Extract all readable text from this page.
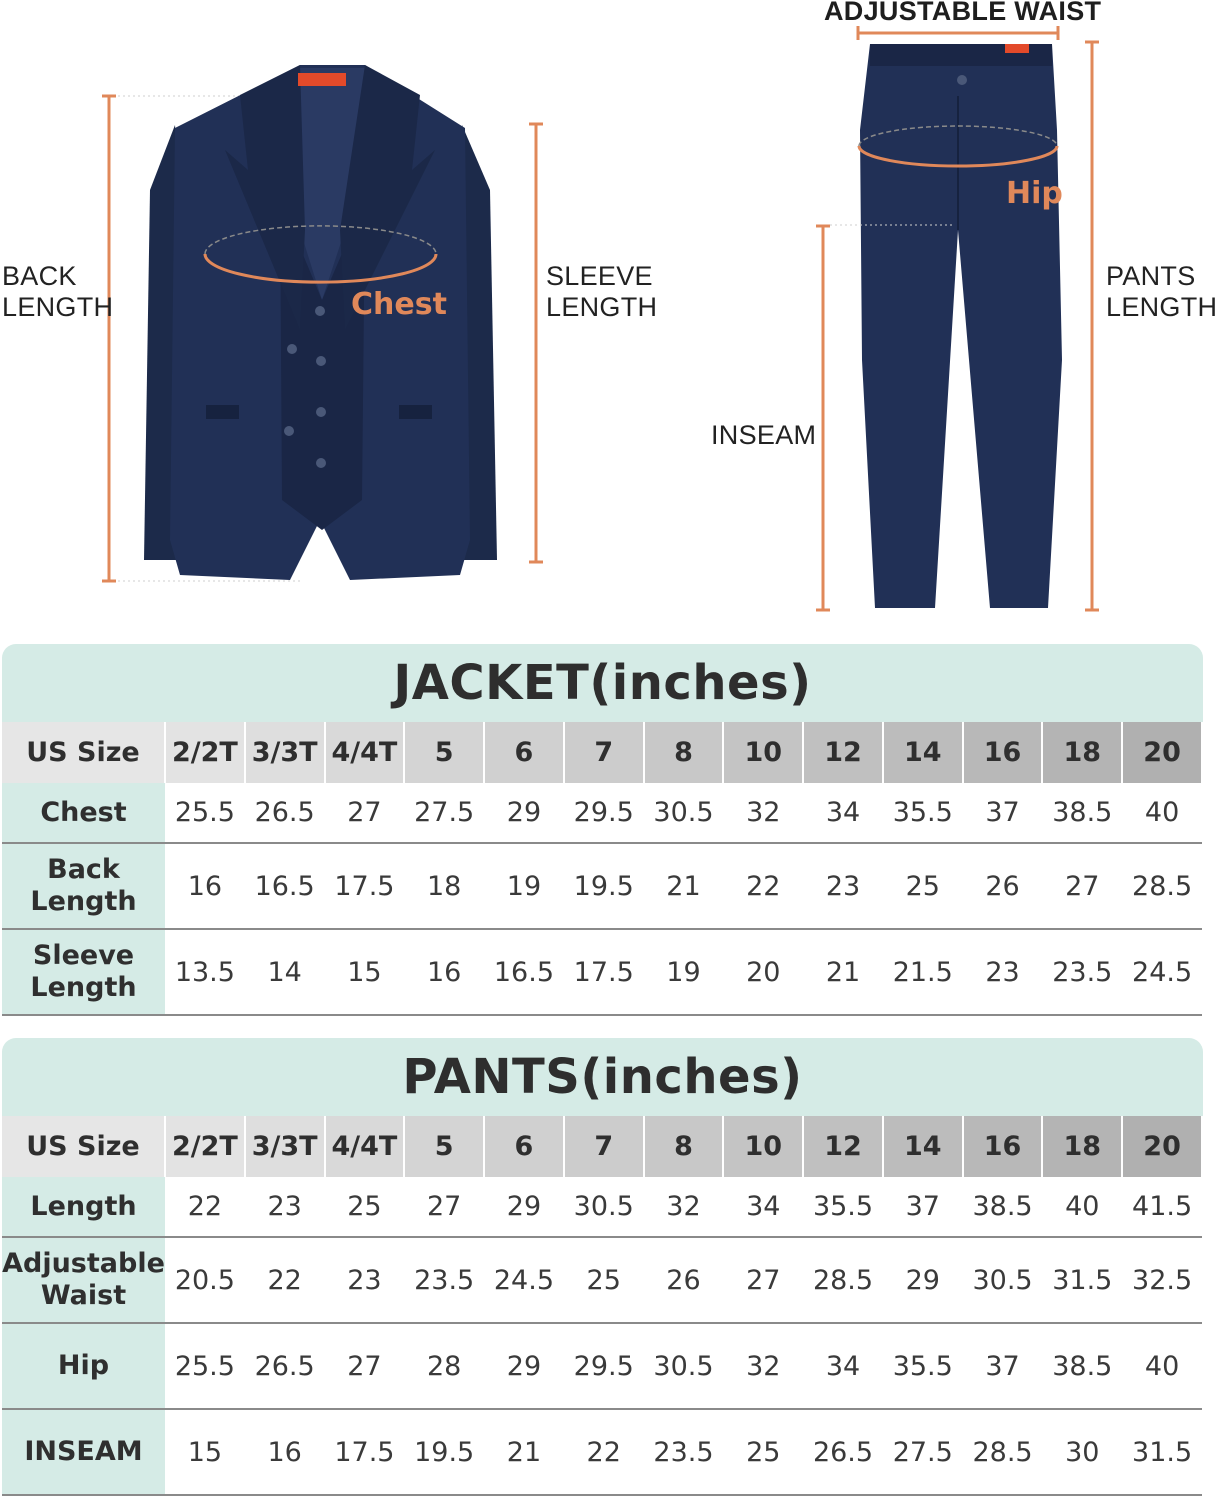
ADJUSTABLE WAIST
BACK
LENGTH
SLEEVE
LENGTH
PANTS
LENGTH
INSEAM
Chest
Hip
JACKET(inches)
US Size	2/2T	3/3T	4/4T	5	6	7	8	10	12	14	16	18	20

Chest	25.5	26.5	27	27.5	29	29.5	30.5	32	34	35.5	37	38.5	40

Back
Length	16	16.5	17.5	18	19	19.5	21	22	23	25	26	27	28.5

Sleeve
Length	13.5	14	15	16	16.5	17.5	19	20	21	21.5	23	23.5	24.5
PANTS(inches)
US Size	2/2T	3/3T	4/4T	5	6	7	8	10	12	14	16	18	20

Length	22	23	25	27	29	30.5	32	34	35.5	37	38.5	40	41.5

Adjustable
Waist	20.5	22	23	23.5	24.5	25	26	27	28.5	29	30.5	31.5	32.5

Hip	25.5	26.5	27	28	29	29.5	30.5	32	34	35.5	37	38.5	40

INSEAM	15	16	17.5	19.5	21	22	23.5	25	26.5	27.5	28.5	30	31.5
